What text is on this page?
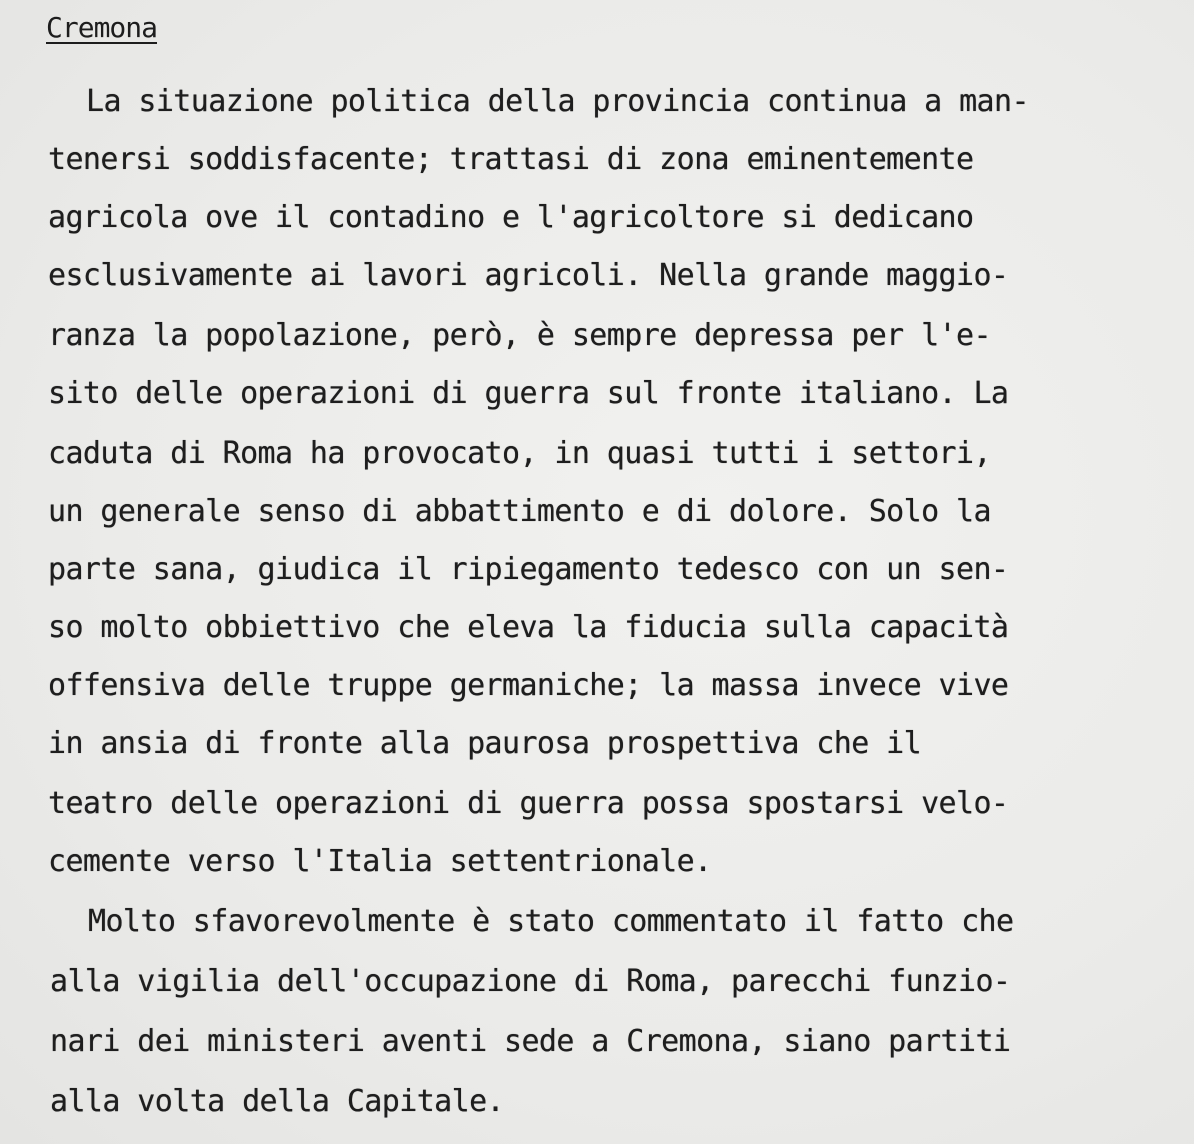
Cremona

La situazione politica della provincia continua a man-

tenersi soddisfacente; trattasi di zona eminentemente

agricola ove il contadino e l'agricoltore si dedicano

esclusivamente ai lavori agricoli. Nella grande maggio-

ranza la popolazione, però, è sempre depressa per l'e-

sito delle operazioni di guerra sul fronte italiano. La

caduta di Roma ha provocato, in quasi tutti i settori,

un generale senso di abbattimento e di dolore. Solo la

parte sana, giudica il ripiegamento tedesco con un sen-

so molto obbiettivo che eleva la fiducia sulla capacità

offensiva delle truppe germaniche; la massa invece vive

in ansia di fronte alla paurosa prospettiva che il

teatro delle operazioni di guerra possa spostarsi velo-

cemente verso l'Italia settentrionale.

Molto sfavorevolmente è stato commentato il fatto che

alla vigilia dell'occupazione di Roma, parecchi funzio-

nari dei ministeri aventi sede a Cremona, siano partiti

alla volta della Capitale.
